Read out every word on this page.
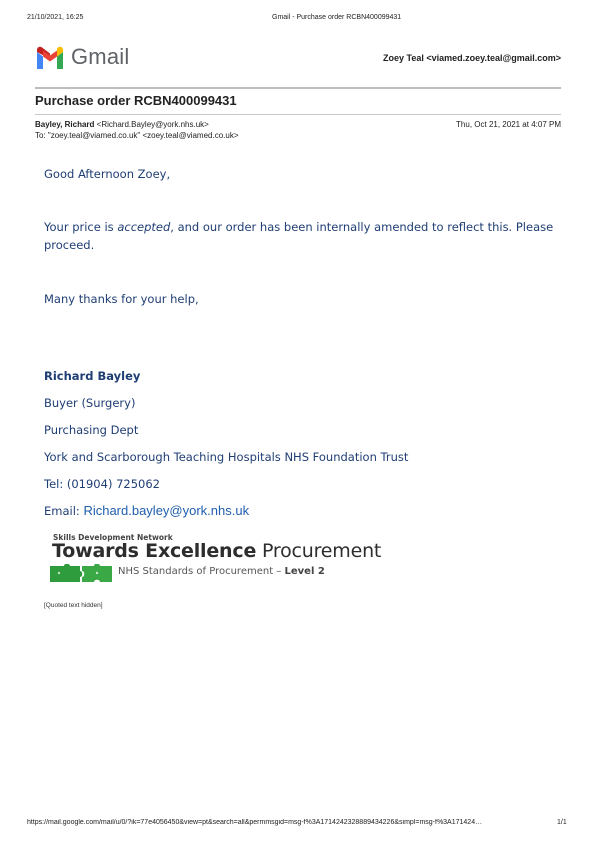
21/10/2021, 16:25	Gmail - Purchase order RCBN400099431
Gmail	Zoey Teal <viamed.zoey.teal@gmail.com>
Purchase order RCBN400099431
Bayley, Richard <Richard.Bayley@york.nhs.uk>	Thu, Oct 21, 2021 at 4:07 PM
To: "zoey.teal@viamed.co.uk" <zoey.teal@viamed.co.uk>
Good Afternoon Zoey,
Your price is accepted, and our order has been internally amended to reflect this. Please
proceed.
Many thanks for your help,
Richard Bayley
Buyer (Surgery)
Purchasing Dept
York and Scarborough Teaching Hospitals NHS Foundation Trust
Tel: (01904) 725062
Email: Richard.bayley@york.nhs.uk
Skills Development Network
Towards Excellence Procurement
NHS Standards of Procurement – Level 2
[Quoted text hidden]
https://mail.google.com/mail/u/0/?ik=77e4056450&view=pt&search=all&permmsgid=msg-f%3A1714242328889434226&simpl=msg-f%3A171424…	1/1
